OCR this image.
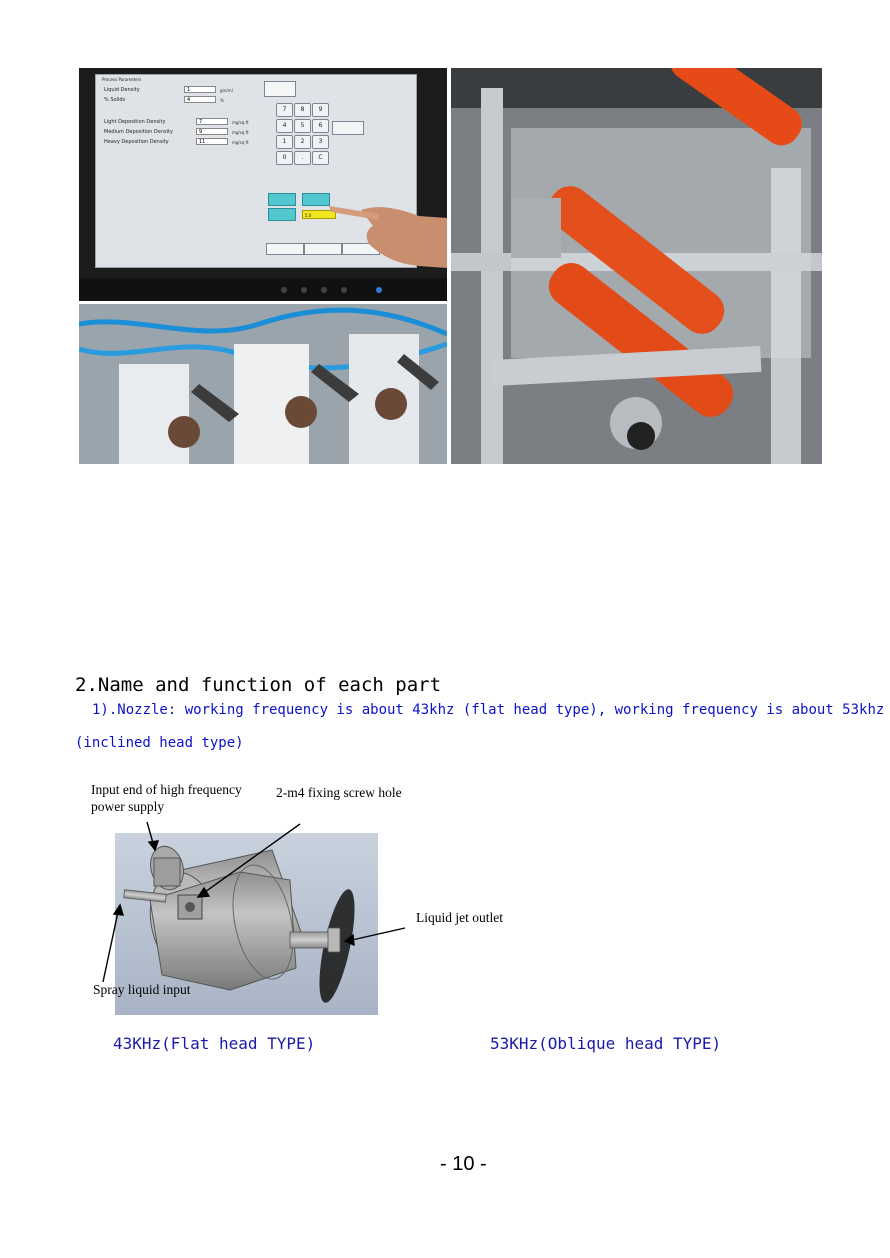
Process Parameters
Liquid Density	1	gm/ml
% Solids	4	%
Light Deposition Density	7	mg/sq ft
Medium Deposition Density	9	mg/sq ft
Heavy Deposition Density	11	mg/sq ft
7	8	9
4	5	6
1	2	3
0	.	C
5.0
2.Name and function of each part
1).Nozzle: working frequency is about 43khz (flat head type), working frequency is about 53khz
(inclined head type)
Input end of high frequency
power supply
2-m4 fixing screw hole
Liquid jet outlet
Spray liquid input
43KHz(Flat head TYPE)	53KHz(Oblique head TYPE)
- 10 -
